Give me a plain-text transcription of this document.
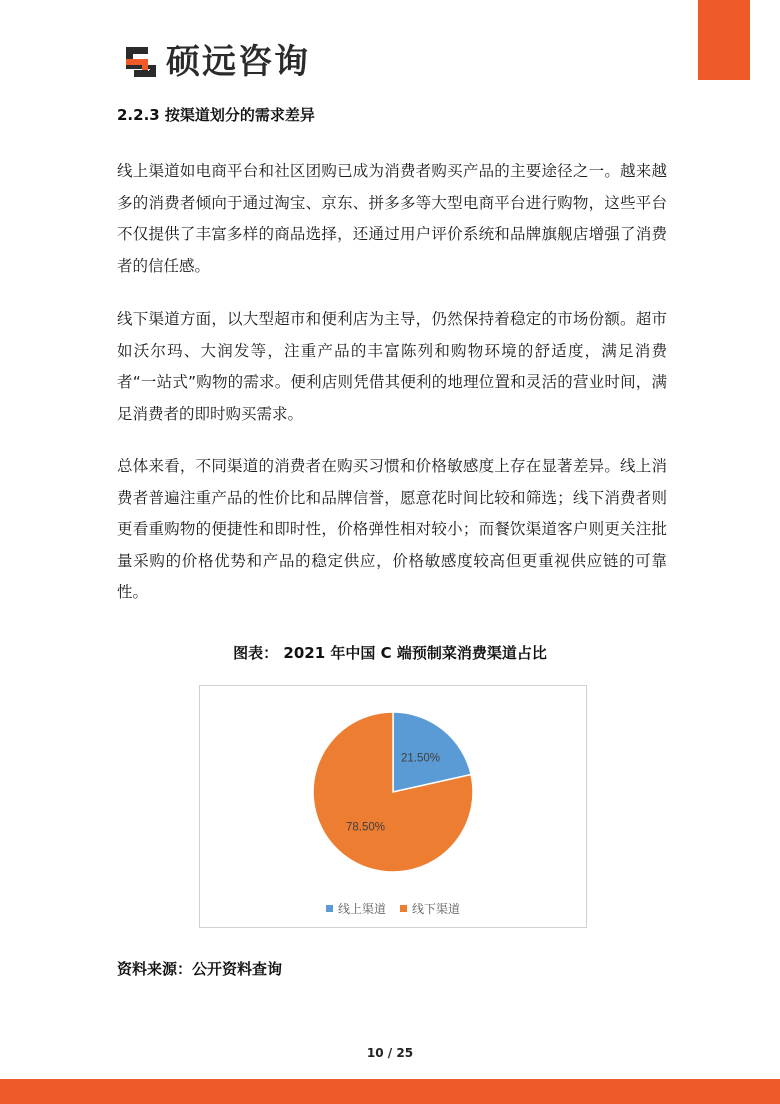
硕远咨询
2.2.3 按渠道划分的需求差异
线上渠道如电商平台和社区团购已成为消费者购买产品的主要途径之一。越来越多的消费者倾向于通过淘宝、京东、拼多多等大型电商平台进行购物，这些平台不仅提供了丰富多样的商品选择，还通过用户评价系统和品牌旗舰店增强了消费者的信任感。
线下渠道方面，以大型超市和便利店为主导，仍然保持着稳定的市场份额。超市如沃尔玛、大润发等，注重产品的丰富陈列和购物环境的舒适度，满足消费者“一站式”购物的需求。便利店则凭借其便利的地理位置和灵活的营业时间，满足消费者的即时购买需求。
总体来看，不同渠道的消费者在购买习惯和价格敏感度上存在显著差异。线上消费者普遍注重产品的性价比和品牌信誉，愿意花时间比较和筛选；线下消费者则更看重购物的便捷性和即时性，价格弹性相对较小；而餐饮渠道客户则更关注批量采购的价格优势和产品的稳定供应，价格敏感度较高但更重视供应链的可靠性。
图表： 2021 年中国 C 端预制菜消费渠道占比
21.50%
78.50%
线上渠道 线下渠道
资料来源：公开资料查询
10 / 25
